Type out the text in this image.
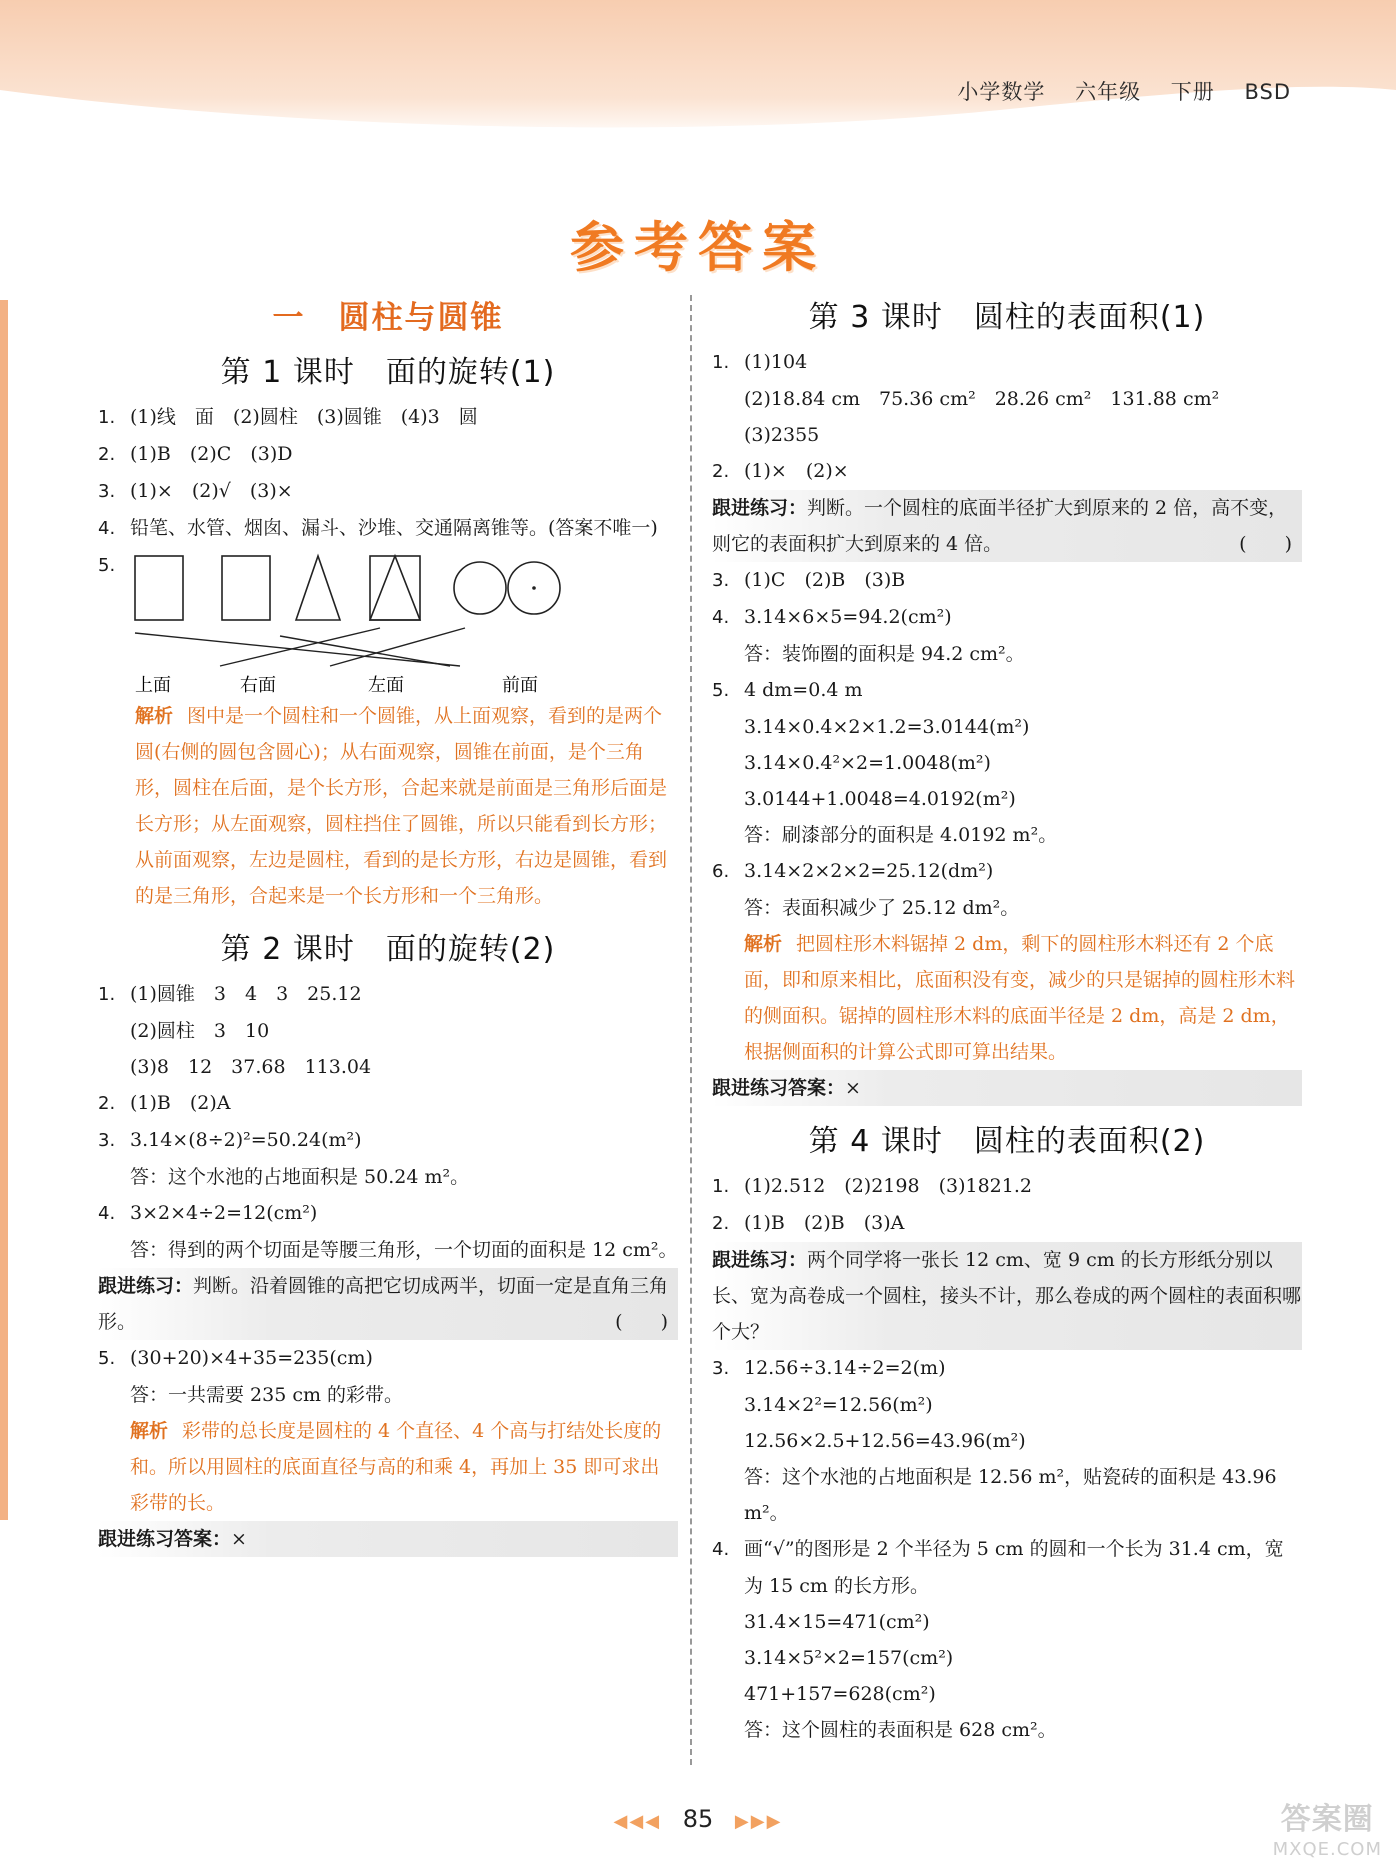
小学数学 六年级 下册 BSD
参考答案
一　圆柱与圆锥
第 1 课时　面的旋转(1)
1. (1)线　面　(2)圆柱　(3)圆锥　(4)3　圆
2. (1)B　(2)C　(3)D
3. (1)×　(2)√　(3)×
4. 铅笔、水管、烟囱、漏斗、沙堆、交通隔离锥等。(答案不唯一)
5.
上面	右面	左面	前面
解析 图中是一个圆柱和一个圆锥，从上面观察，看到的是两个圆(右侧的圆包含圆心)；从右面观察，圆锥在前面，是个三角形，圆柱在后面，是个长方形，合起来就是前面是三角形后面是长方形；从左面观察，圆柱挡住了圆锥，所以只能看到长方形；从前面观察，左边是圆柱，看到的是长方形，右边是圆锥，看到的是三角形，合起来是一个长方形和一个三角形。
第 2 课时　面的旋转(2)
1. (1)圆锥　3　4　3　25.12
(2)圆柱　3　10
(3)8　12　37.68　113.04
2. (1)B　(2)A
3. 3.14×(8÷2)²=50.24(m²)
答：这个水池的占地面积是 50.24 m²。
4. 3×2×4÷2=12(cm²)
答：得到的两个切面是等腰三角形，一个切面的面积是 12 cm²。
跟进练习：判断。沿着圆锥的高把它切成两半，切面一定是直角三角形。	(　　)
5. (30+20)×4+35=235(cm)
答：一共需要 235 cm 的彩带。
解析 彩带的总长度是圆柱的 4 个直径、4 个高与打结处长度的和。所以用圆柱的底面直径与高的和乘 4，再加上 35 即可求出彩带的长。
跟进练习答案：×
第 3 课时　圆柱的表面积(1)
1. (1)104
(2)18.84 cm　75.36 cm²　28.26 cm²　131.88 cm²
(3)2355
2. (1)×　(2)×
跟进练习：判断。一个圆柱的底面半径扩大到原来的 2 倍，高不变，则它的表面积扩大到原来的 4 倍。	(　　)
3. (1)C　(2)B　(3)B
4. 3.14×6×5=94.2(cm²)
答：装饰圈的面积是 94.2 cm²。
5. 4 dm=0.4 m
3.14×0.4×2×1.2=3.0144(m²)
3.14×0.4²×2=1.0048(m²)
3.0144+1.0048=4.0192(m²)
答：刷漆部分的面积是 4.0192 m²。
6. 3.14×2×2×2=25.12(dm²)
答：表面积减少了 25.12 dm²。
解析 把圆柱形木料锯掉 2 dm，剩下的圆柱形木料还有 2 个底面，即和原来相比，底面积没有变，减少的只是锯掉的圆柱形木料的侧面积。锯掉的圆柱形木料的底面半径是 2 dm，高是 2 dm，根据侧面积的计算公式即可算出结果。
跟进练习答案：×
第 4 课时　圆柱的表面积(2)
1. (1)2.512　(2)2198　(3)1821.2
2. (1)B　(2)B　(3)A
跟进练习：两个同学将一张长 12 cm、宽 9 cm 的长方形纸分别以长、宽为高卷成一个圆柱，接头不计，那么卷成的两个圆柱的表面积哪个大？
3. 12.56÷3.14÷2=2(m)
3.14×2²=12.56(m²)
12.56×2.5+12.56=43.96(m²)
答：这个水池的占地面积是 12.56 m²，贴瓷砖的面积是 43.96 m²。
4. 画“√”的图形是 2 个半径为 5 cm 的圆和一个长为 31.4 cm，宽为 15 cm 的长方形。
31.4×15=471(cm²)
3.14×5²×2=157(cm²)
471+157=628(cm²)
答：这个圆柱的表面积是 628 cm²。
◀◀◀ 85 ▶▶▶	答案圈
MXQE.COM
